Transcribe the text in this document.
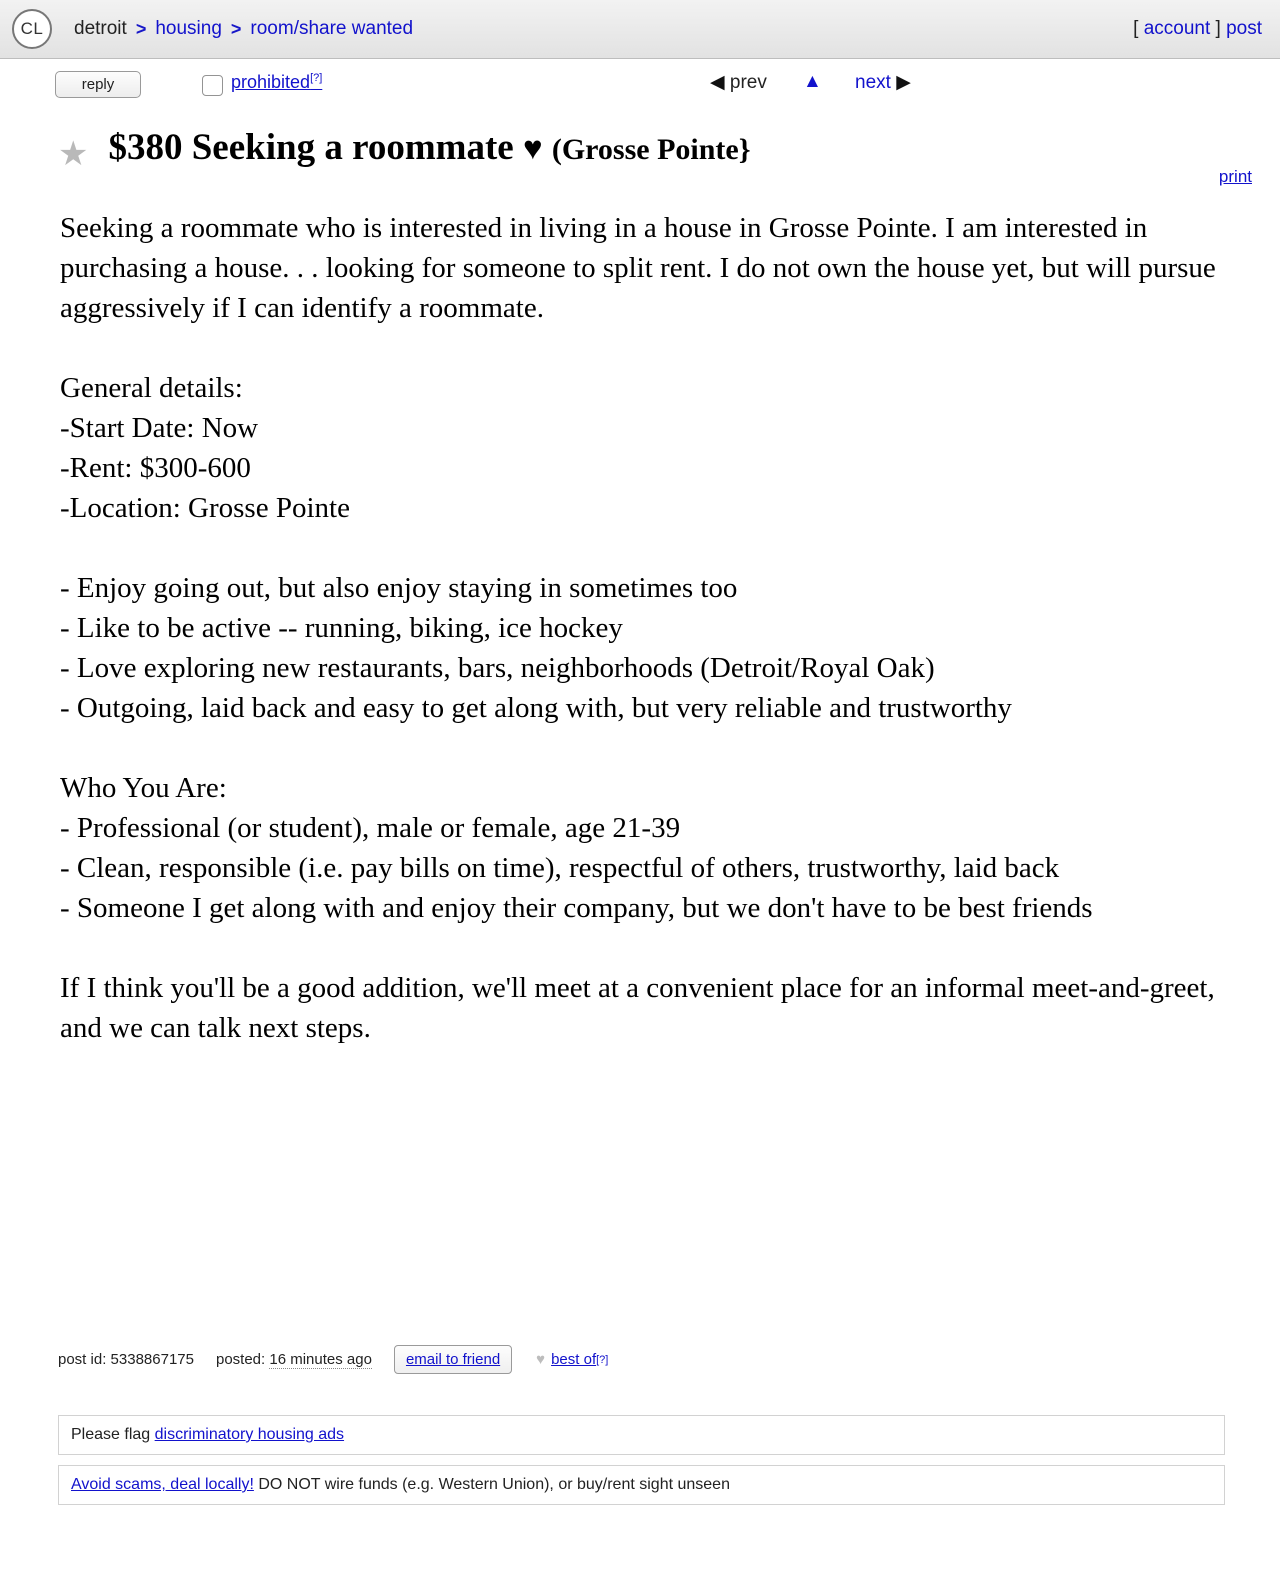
CL	detroit > housing > room/share wanted	[ account ] post
reply	prohibited[?]	◀ prev ▲ next ▶
print
★ $380 Seeking a roommate ♥ (Grosse Pointe}
Seeking a roommate who is interested in living in a house in Grosse Pointe. I am interested in purchasing a house. . . looking for someone to split rent. I do not own the house yet, but will pursue aggressively if I can identify a roommate.

General details:
-Start Date: Now
-Rent: $300-600
-Location: Grosse Pointe

- Enjoy going out, but also enjoy staying in sometimes too
- Like to be active -- running, biking, ice hockey
- Love exploring new restaurants, bars, neighborhoods (Detroit/Royal Oak)
- Outgoing, laid back and easy to get along with, but very reliable and trustworthy

Who You Are:
- Professional (or student), male or female, age 21-39
- Clean, responsible (i.e. pay bills on time), respectful of others, trustworthy, laid back
- Someone I get along with and enjoy their company, but we don't have to be best friends

If I think you'll be a good addition, we'll meet at a convenient place for an informal meet-and-greet, and we can talk next steps.
post id: 5338867175 posted: 16 minutes ago	email to friend	♥ best of [?]
Please flag discriminatory housing ads
Avoid scams, deal locally! DO NOT wire funds (e.g. Western Union), or buy/rent sight unseen
